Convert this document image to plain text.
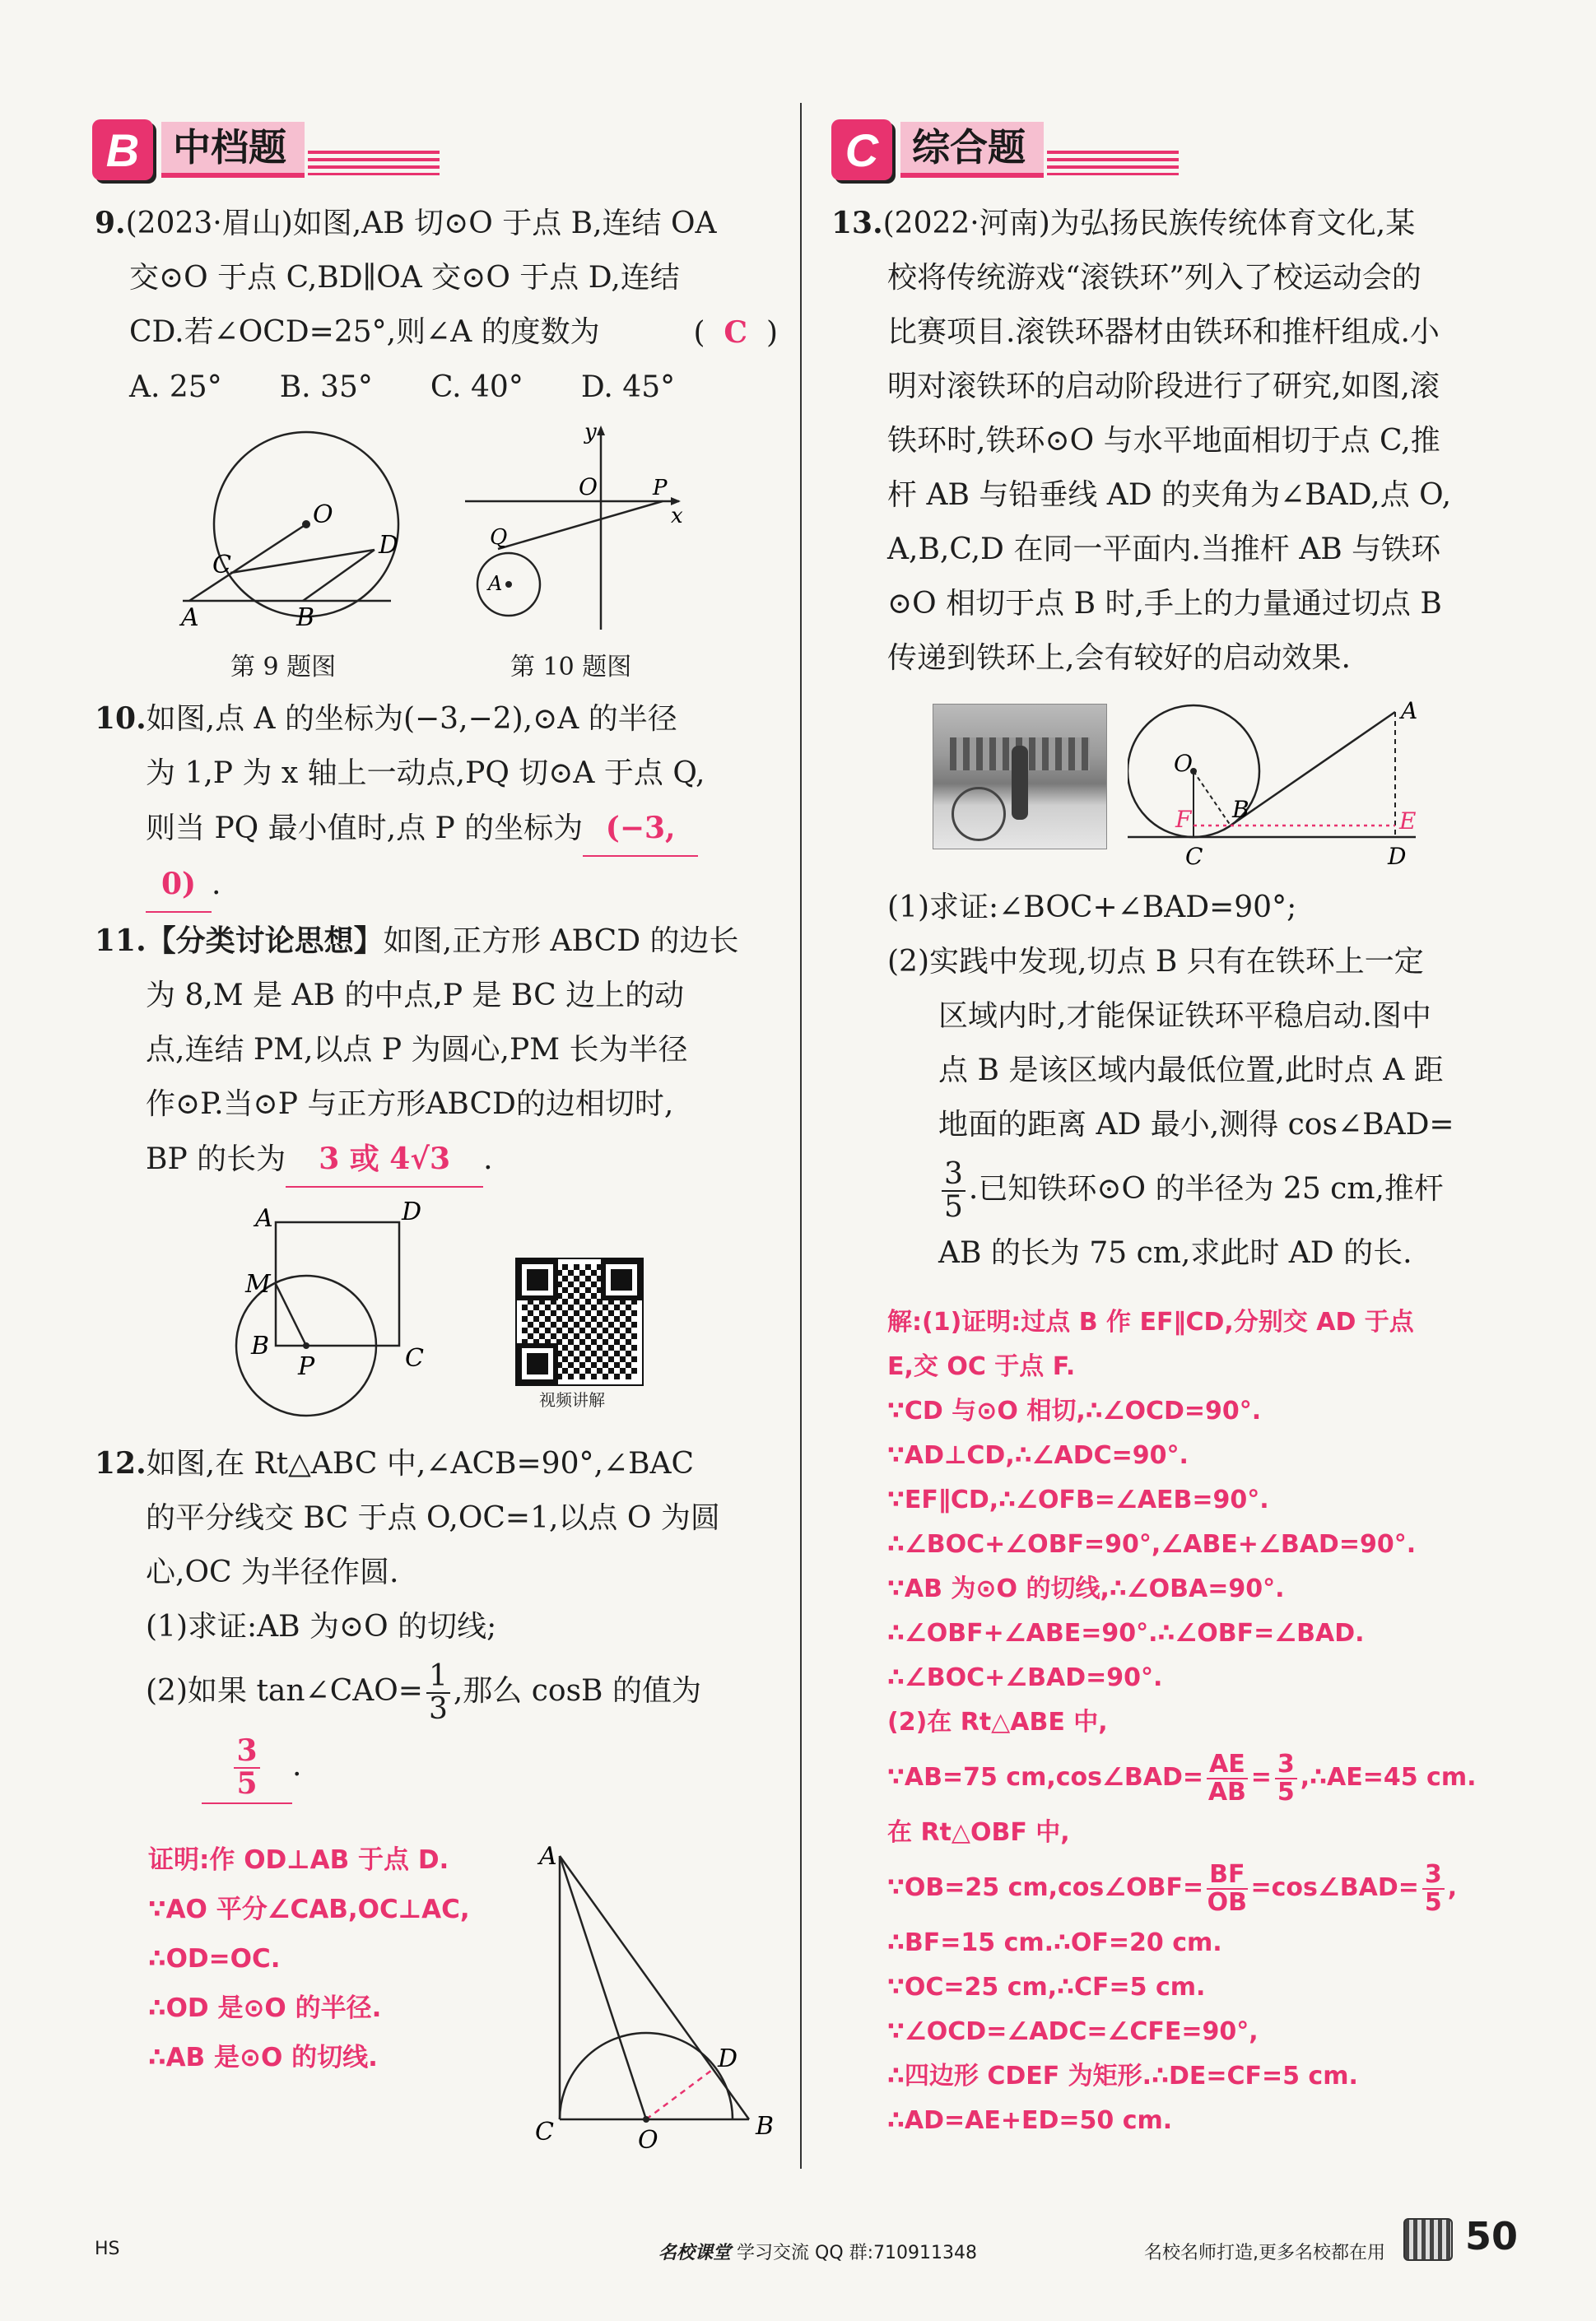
B 中档题	C 综合题
9.(2023·眉山)如图,AB 切⊙O 于点 B,连结 OA
交⊙O 于点 C,BD∥OA 交⊙O 于点 D,连结
CD.若∠OCD=25°,则∠A 的度数为	(  C  )
A. 25° B. 35° C. 40° D. 45°
O
C
D
A	B
第 9 题图
y
x
O	P
Q
A
第 10 题图
10.如图,点 A 的坐标为(−3,−2),⊙A 的半径
为 1,P 为 x 轴上一动点,PQ 切⊙A 于点 Q,
则当 PQ 最小值时,点 P 的坐标为 (−3,
0) .
11.【分类讨论思想】如图,正方形 ABCD 的边长
为 8,M 是 AB 的中点,P 是 BC 边上的动
点,连结 PM,以点 P 为圆心,PM 长为半径
作⊙P.当⊙P 与正方形ABCD的边相切时,
BP 的长为 3 或 4√3 .
A	D
M
B
P	C
视频讲解
12.如图,在 Rt△ABC 中,∠ACB=90°,∠BAC
的平分线交 BC 于点 O,OC=1,以点 O 为圆
心,OC 为半径作圆.
(1)求证:AB 为⊙O 的切线;
(2)如果 tan∠CAO= $\frac{1}{3}$ ,那么 cosB 的值为
$\frac{3}{5}$ .
证明:作 OD⊥AB 于点 D.
∵AO 平分∠CAB,OC⊥AC,
∴OD=OC.
∴OD 是⊙O 的半径.
∴AB 是⊙O 的切线.
A
D
C	O	B
13.(2022·河南)为弘扬民族传统体育文化,某
校将传统游戏“滚铁环”列入了校运动会的
比赛项目.滚铁环器材由铁环和推杆组成.小
明对滚铁环的启动阶段进行了研究,如图,滚
铁环时,铁环⊙O 与水平地面相切于点 C,推
杆 AB 与铅垂线 AD 的夹角为∠BAD,点 O,
A,B,C,D 在同一平面内.当推杆 AB 与铁环
⊙O 相切于点 B 时,手上的力量通过切点 B
传递到铁环上,会有较好的启动效果.
A
O
F B	E
C	D
(1)求证:∠BOC+∠BAD=90°;
(2)实践中发现,切点 B 只有在铁环上一定
区域内时,才能保证铁环平稳启动.图中
点 B 是该区域内最低位置,此时点 A 距
地面的距离 AD 最小,测得 cos∠BAD=
$\frac{3}{5}$ .已知铁环⊙O 的半径为 25 cm,推杆
AB 的长为 75 cm,求此时 AD 的长.
解:(1)证明:过点 B 作 EF∥CD,分别交 AD 于点
E,交 OC 于点 F.
∵CD 与⊙O 相切,∴∠OCD=90°.
∵AD⊥CD,∴∠ADC=90°.
∵EF∥CD,∴∠OFB=∠AEB=90°.
∴∠BOC+∠OBF=90°,∠ABE+∠BAD=90°.
∵AB 为⊙O 的切线,∴∠OBA=90°.
∴∠OBF+∠ABE=90°.∴∠OBF=∠BAD.
∴∠BOC+∠BAD=90°.
(2)在 Rt△ABE 中,
∵AB=75 cm,cos∠BAD= $\frac{AE}{AB} = \frac{3}{5}$ ,∴AE=45 cm.
在 Rt△OBF 中,
∵OB=25 cm,cos∠OBF= $\frac{BF}{OB}$ =cos∠BAD= $\frac{3}{5}$ ,
∴BF=15 cm.∴OF=20 cm.
∵OC=25 cm,∴CF=5 cm.
∵∠OCD=∠ADC=∠CFE=90°,
∴四边形 CDEF 为矩形.∴DE=CF=5 cm.
∴AD=AE+ED=50 cm.
HS	名校课堂 学习交流 QQ 群:710911348	名校名师打造,更多名校都在用 50
